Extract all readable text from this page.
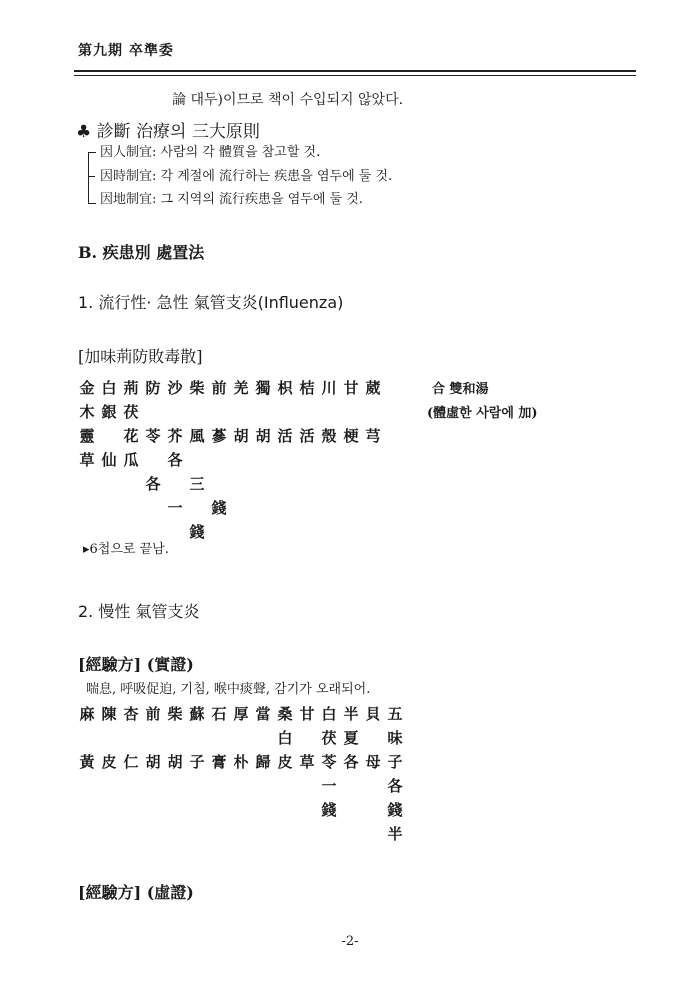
第九期 卒準委
論 대두)이므로 책이 수입되지 않았다.
♣ 診斷 治療의 三大原則
因人制宜: 사람의 각 體質을 참고할 것.
因時制宜: 각 계절에 流行하는 疾患을 염두에 둘 것.
因地制宜: 그 지역의 流行疾患을 염두에 둘 것.
B. 疾患別 處置法
1. 流行性· 急性 氣管支炎(Influenza)
[加味荊防敗毒散]
金 白 荊 防 沙 柴 前 羌 獨 枳 桔 川 甘 葳
木 銀 茯
靈 花 苓 芥 風 蔘 胡 胡 活 活 殼 梗 芎
草 仙 瓜 各
各 三
一 錢
錢
合 雙和湯
(體虛한 사람에 加)
▸6첩으로 끝남.
2. 慢性 氣管支炎
[經驗方] (實證)
喘息, 呼吸促迫, 기침, 喉中痰聲, 감기가 오래되어.
麻 陳 杏 前 柴 蘇 石 厚 當 桑 甘 白 半 貝 五
白 茯 夏 味
黃 皮 仁 胡 胡 子 膏 朴 歸 皮 草 苓 各 母 子
一	各
錢	錢
半
[經驗方] (虛證)
-2-
